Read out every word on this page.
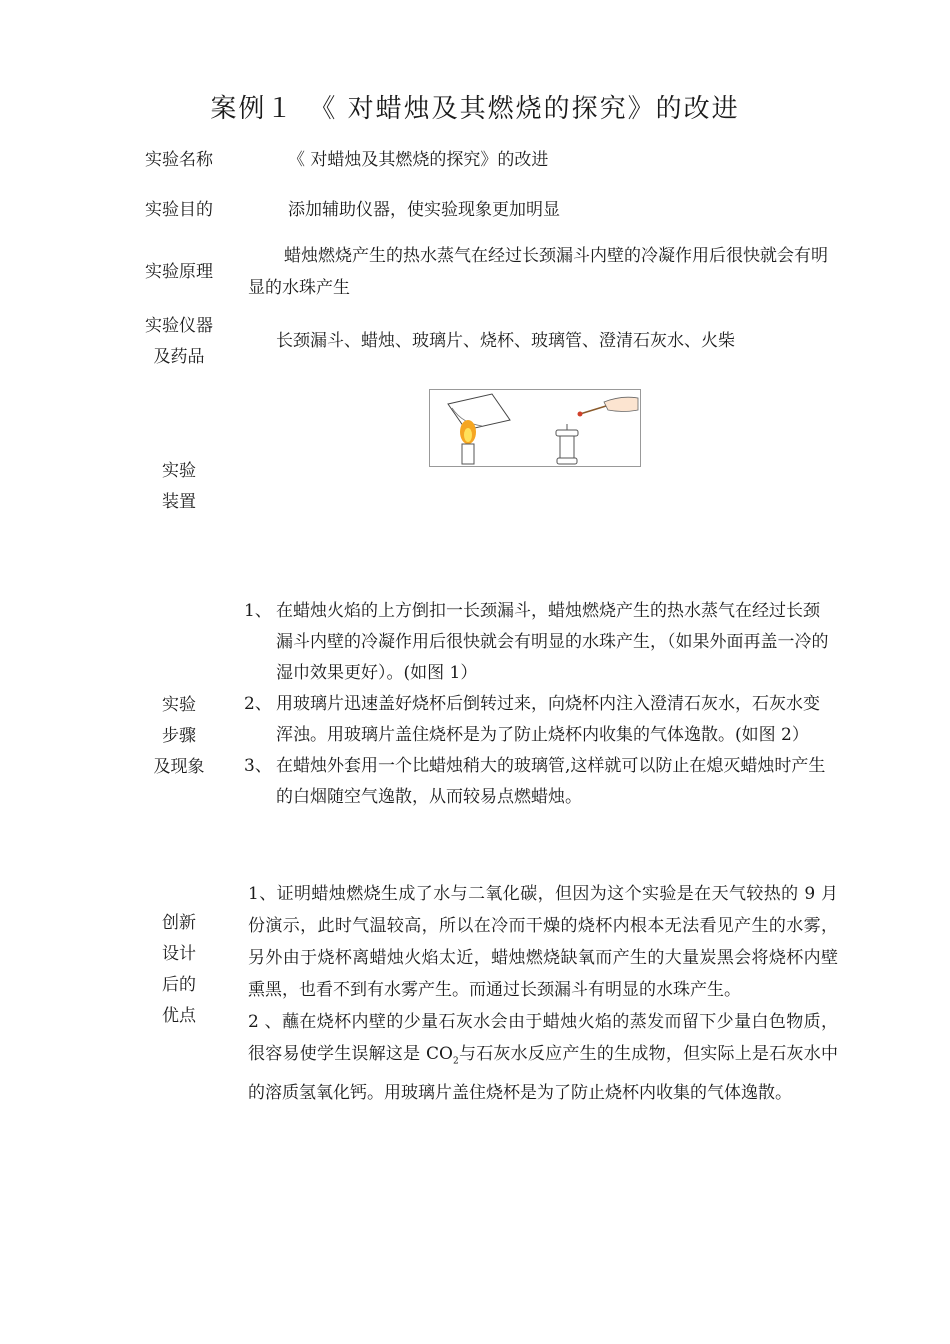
案例１　《 对蜡烛及其燃烧的探究》的改进
实验名称	《 对蜡烛及其燃烧的探究》的改进
实验目的	添加辅助仪器，使实验现象更加明显
实验原理
蜡烛燃烧产生的热水蒸气在经过长颈漏斗内壁的冷凝作用后很快就会有明显的水珠产生
实验仪器
及药品
长颈漏斗、蜡烛、玻璃片、烧杯、玻璃管、澄清石灰水、火柴
实验
装置
实验
步骤
及现象
1、 在蜡烛火焰的上方倒扣一长颈漏斗，蜡烛燃烧产生的热水蒸气在经过长颈漏斗内壁的冷凝作用后很快就会有明显的水珠产生，（如果外面再盖一冷的湿巾效果更好）。(如图 1）
2、 用玻璃片迅速盖好烧杯后倒转过来，向烧杯内注入澄清石灰水，石灰水变浑浊。用玻璃片盖住烧杯是为了防止烧杯内收集的气体逸散。(如图 2）
3、 在蜡烛外套用一个比蜡烛稍大的玻璃管,这样就可以防止在熄灭蜡烛时产生的白烟随空气逸散，从而较易点燃蜡烛。
创新
设计
后的
优点

1、证明蜡烛燃烧生成了水与二氧化碳，但因为这个实验是在天气较热的 9 月份演示，此时气温较高，所以在冷而干燥的烧杯内根本无法看见产生的水雾，另外由于烧杯离蜡烛火焰太近，蜡烛燃烧缺氧而产生的大量炭黑会将烧杯内壁熏黑，也看不到有水雾产生。而通过长颈漏斗有明显的水珠产生。

2 、蘸在烧杯内壁的少量石灰水会由于蜡烛火焰的蒸发而留下少量白色物质，很容易使学生误解这是 $CO_2$与石灰水反应产生的生成物，但实际上是石灰水中的溶质氢氧化钙。用玻璃片盖住烧杯是为了防止烧杯内收集的气体逸散。
